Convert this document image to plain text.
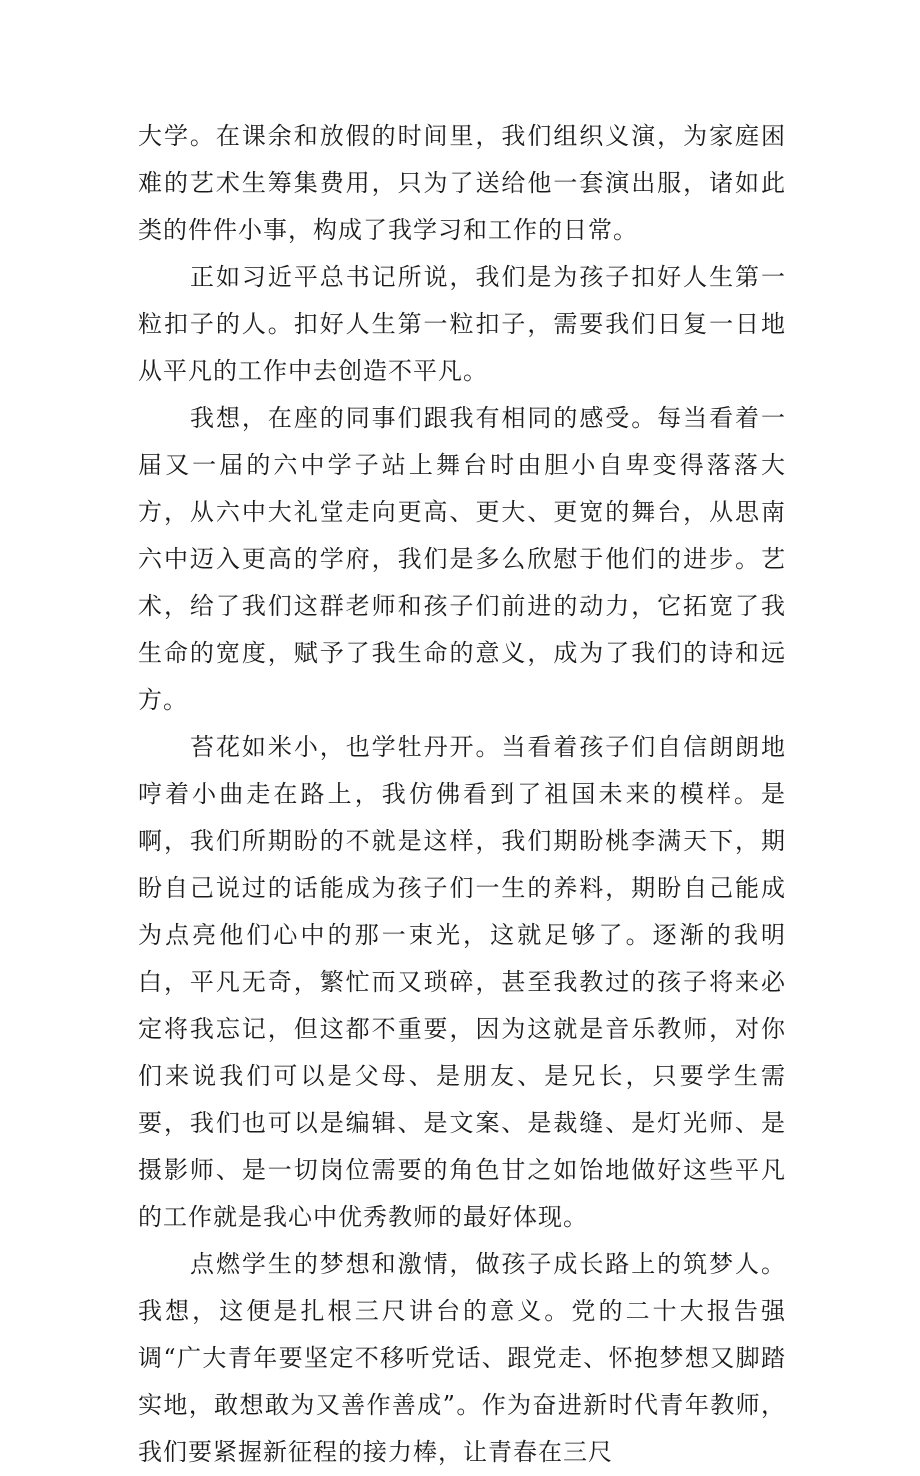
大学。在课余和放假的时间里，我们组织义演，为家庭困难的艺术生筹集费用，只为了送给他一套演出服，诸如此类的件件小事，构成了我学习和工作的日常。

正如习近平总书记所说，我们是为孩子扣好人生第一粒扣子的人。扣好人生第一粒扣子，需要我们日复一日地从平凡的工作中去创造不平凡。

我想，在座的同事们跟我有相同的感受。每当看着一届又一届的六中学子站上舞台时由胆小自卑变得落落大方，从六中大礼堂走向更高、更大、更宽的舞台，从思南六中迈入更高的学府，我们是多么欣慰于他们的进步。艺术，给了我们这群老师和孩子们前进的动力，它拓宽了我生命的宽度，赋予了我生命的意义，成为了我们的诗和远方。

苔花如米小，也学牡丹开。当看着孩子们自信朗朗地哼着小曲走在路上，我仿佛看到了祖国未来的模样。是啊，我们所期盼的不就是这样，我们期盼桃李满天下，期盼自己说过的话能成为孩子们一生的养料，期盼自己能成为点亮他们心中的那一束光，这就足够了。逐渐的我明白，平凡无奇，繁忙而又琐碎，甚至我教过的孩子将来必定将我忘记，但这都不重要，因为这就是音乐教师，对你们来说我们可以是父母、是朋友、是兄长，只要学生需要，我们也可以是编辑、是文案、是裁缝、是灯光师、是摄影师、是一切岗位需要的角色甘之如饴地做好这些平凡的工作就是我心中优秀教师的最好体现。

点燃学生的梦想和激情，做孩子成长路上的筑梦人。我想，这便是扎根三尺讲台的意义。党的二十大报告强调“广大青年要坚定不移听党话、跟党走、怀抱梦想又脚踏实地，敢想敢为又善作善成”。作为奋进新时代青年教师，我们要紧握新征程的接力棒，让青春在三尺
